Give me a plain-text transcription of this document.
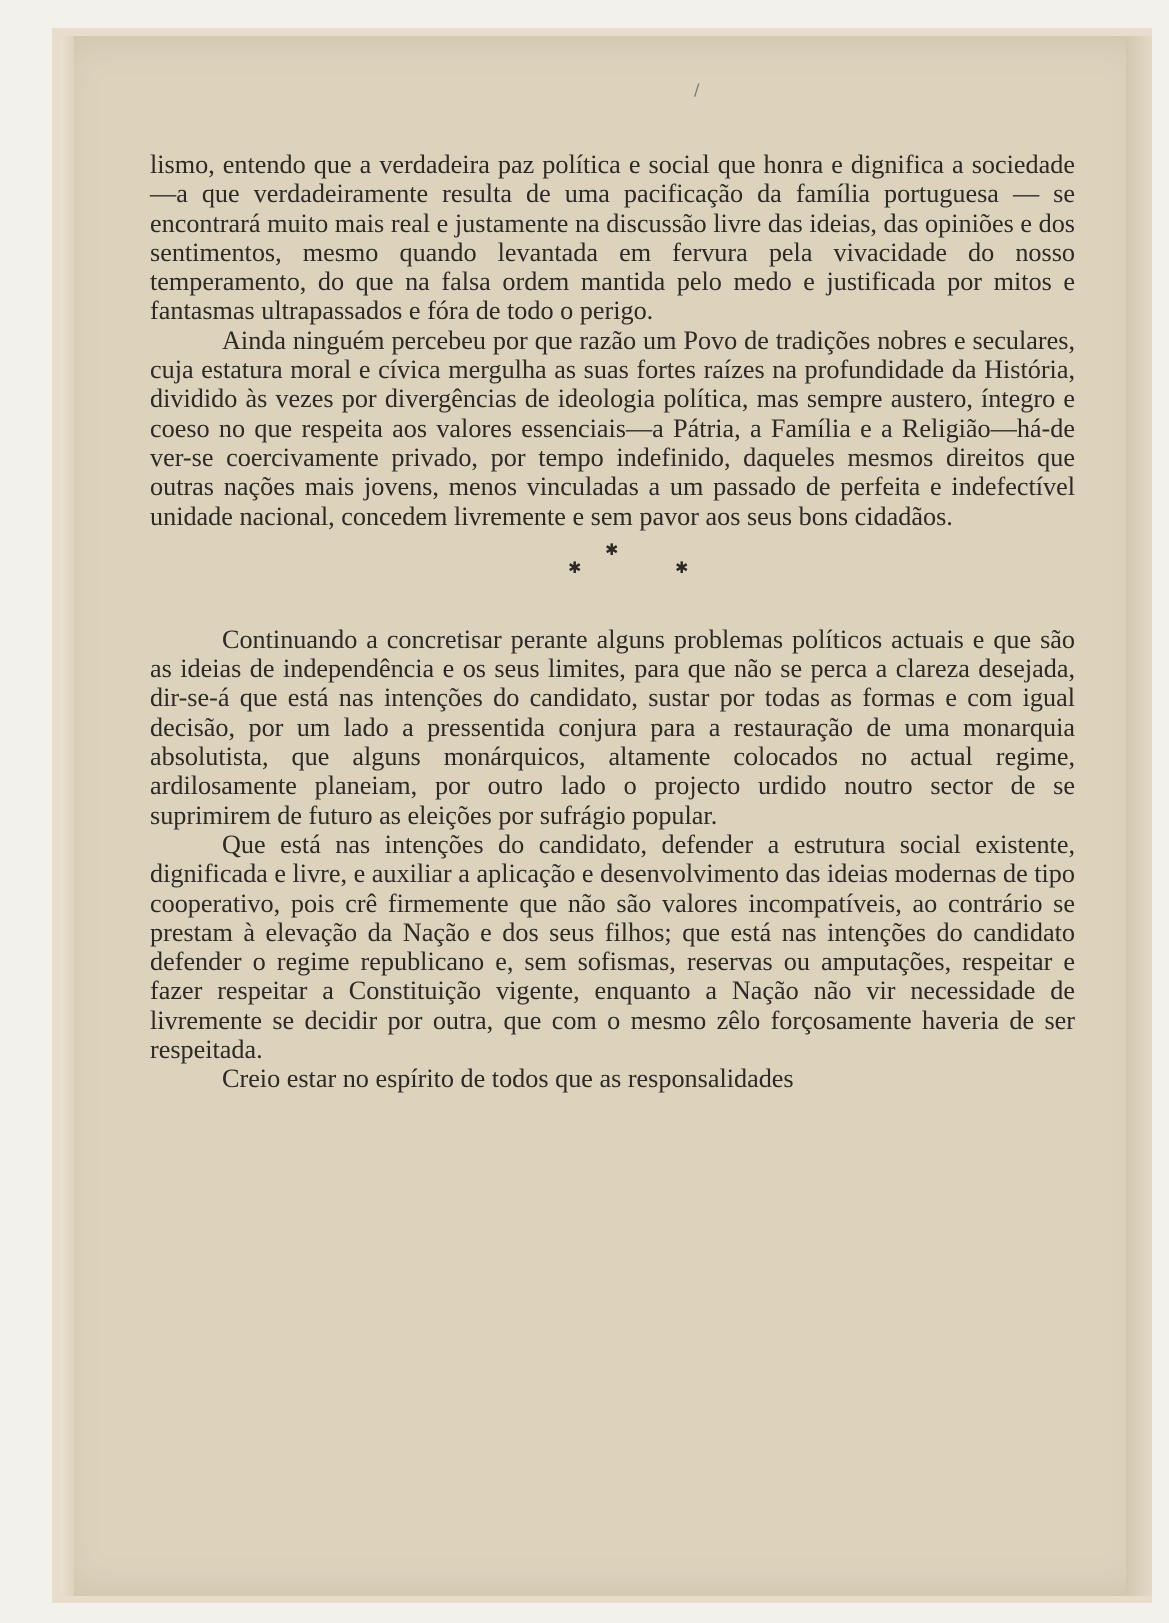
/

lismo, entendo que a verdadeira paz política e social que honra e dignifica a sociedade—a que verdadeiramente resulta de uma pacificação da família portuguesa — se encontrará muito mais real e justamente na discussão livre das ideias, das opiniões e dos sentimentos, mesmo quando levantada em fervura pela vivacidade do nosso temperamento, do que na falsa ordem mantida pelo medo e justificada por mitos e fantasmas ultrapassados e fóra de todo o perigo.

Ainda ninguém percebeu por que razão um Povo de tradições nobres e seculares, cuja estatura moral e cívica mergulha as suas fortes raízes na profundidade da História, dividido às vezes por divergências de ideologia política, mas sempre austero, íntegro e coeso no que respeita aos valores essenciais—a Pátria, a Família e a Religião—há-de ver-se coercivamente privado, por tempo indefinido, daqueles mesmos direitos que outras nações mais jovens, menos vinculadas a um passado de perfeita e indefectível unidade nacional, concedem livremente e sem pavor aos seus bons cidadãos.

✱
✱	✱

Continuando a concretisar perante alguns problemas políticos actuais e que são as ideias de independência e os seus limites, para que não se perca a clareza desejada, dir-se-á que está nas intenções do candidato, sustar por todas as formas e com igual decisão, por um lado a pressentida conjura para a restauração de uma monarquia absolutista, que alguns monárquicos, altamente colocados no actual regime, ardilosamente planeiam, por outro lado o projecto urdido noutro sector de se suprimirem de futuro as eleições por sufrágio popular.

Que está nas intenções do candidato, defender a estrutura social existente, dignificada e livre, e auxiliar a aplicação e desenvolvimento das ideias modernas de tipo cooperativo, pois crê firmemente que não são valores incompatíveis, ao contrário se prestam à elevação da Nação e dos seus filhos; que está nas intenções do candidato defender o regime republicano e, sem sofismas, reservas ou amputações, respeitar e fazer respeitar a Constituição vigente, enquanto a Nação não vir necessidade de livremente se decidir por outra, que com o mesmo zêlo forçosamente haveria de ser respeitada.

Creio estar no espírito de todos que as responsalidades
